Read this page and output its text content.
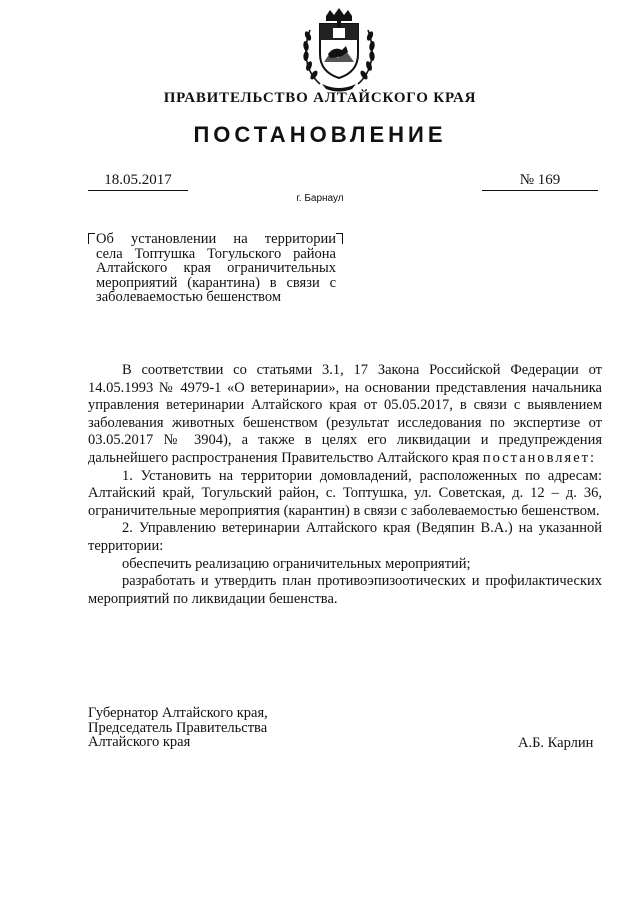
ПРАВИТЕЛЬСТВО АЛТАЙСКОГО КРАЯ
ПОСТАНОВЛЕНИЕ
18.05.2017	№ 169
г. Барнаул
Об установлении на территории
села Топтушка Тогульского района
Алтайского края ограничительных
мероприятий (карантина) в связи с
заболеваемостью бешенством

В соответствии со статьями 3.1, 17 Закона Российской Федерации от 14.05.1993 № 4979-1 «О ветеринарии», на основании представления начальника управления ветеринарии Алтайского края от 05.05.2017, в связи с выявлением заболевания животных бешенством (результат исследования по экспертизе от 03.05.2017 № 3904), а также в целях его ликвидации и предупреждения дальнейшего распространения Правительство Алтайского края постановляет:

1. Установить на территории домовладений, расположенных по адресам: Алтайский край, Тогульский район, с. Топтушка, ул. Советская, д. 12 – д. 36, ограничительные мероприятия (карантин) в связи с заболеваемостью бешенством.

2. Управлению ветеринарии Алтайского края (Ведяпин В.А.) на указанной территории:

обеспечить реализацию ограничительных мероприятий;

разработать и утвердить план противоэпизоотических и профилактических мероприятий по ликвидации бешенства.

Губернатор Алтайского края,
Председатель Правительства
Алтайского края	А.Б. Карлин
